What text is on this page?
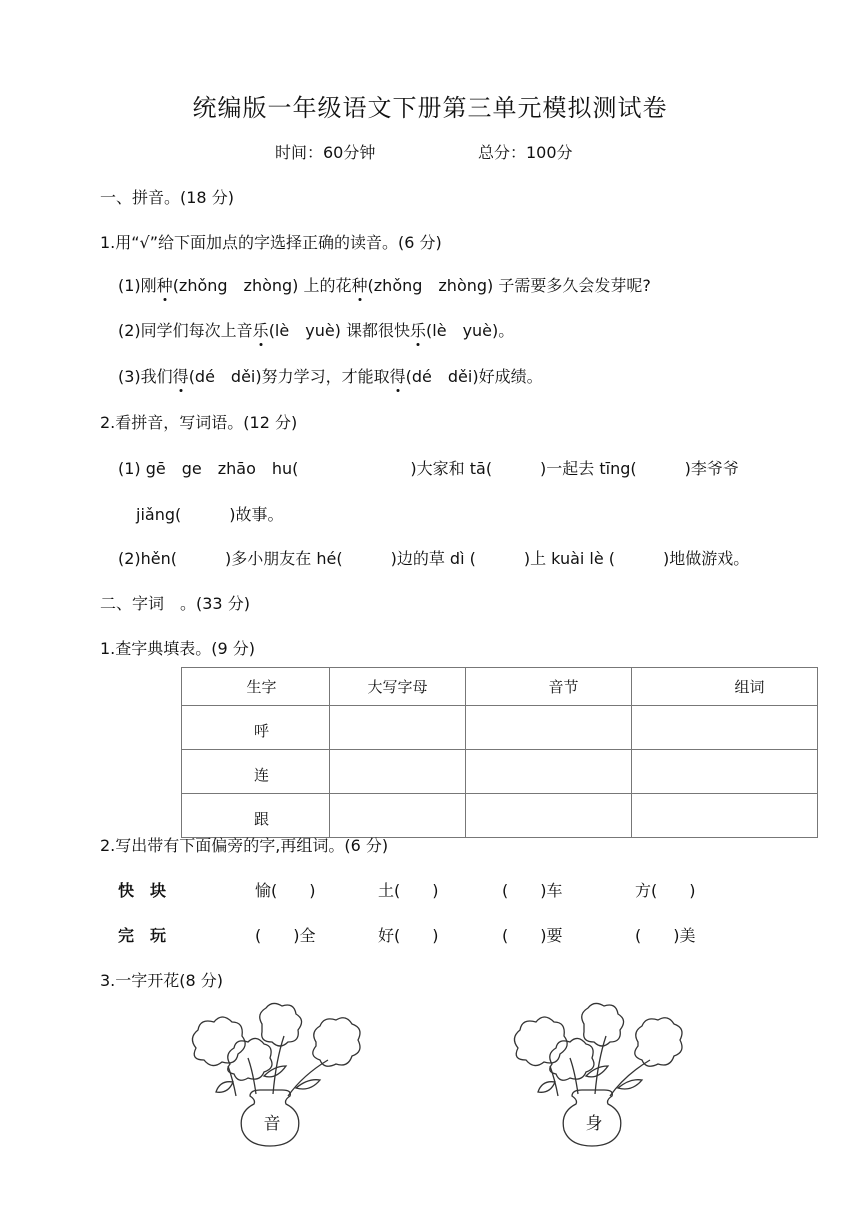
统编版一年级语文下册第三单元模拟测试卷
时间：60分钟	总分：100分
一、拼音。(18 分)
1.用“√”给下面加点的字选择正确的读音。(6 分)
(1)刚种(zhǒng　zhòng) 上的花种(zhǒng　zhòng) 子需要多久会发芽呢?
(2)同学们每次上音乐(lè　yuè) 课都很快乐(lè　yuè)。
(3)我们得(dé　děi)努力学习，才能取得(dé　děi)好成绩。
2.看拼音，写词语。(12 分)
(1) gē　ge　zhāo　hu(　　　　　　　)大家和 tā(　　　)一起去 tīng(　　　)李爷爷
jiǎng(　　　)故事。
(2)hěn(　　　)多小朋友在 hé(　　　)边的草 dì (　　　)上 kuài lè (　　　)地做游戏。
二、字词　。(33 分)
1.查字典填表。(9 分)
生字	大写字母	音节	组词
呼			
连			
跟			
2.写出带有下面偏旁的字,再组词。(6 分)
快　块	愉(　　)	土(　　)	(　　)车	方(　　)
完　玩	(　　)全	好(　　)	(　　)要	(　　)美
3.一字开花(8 分)
音	身
